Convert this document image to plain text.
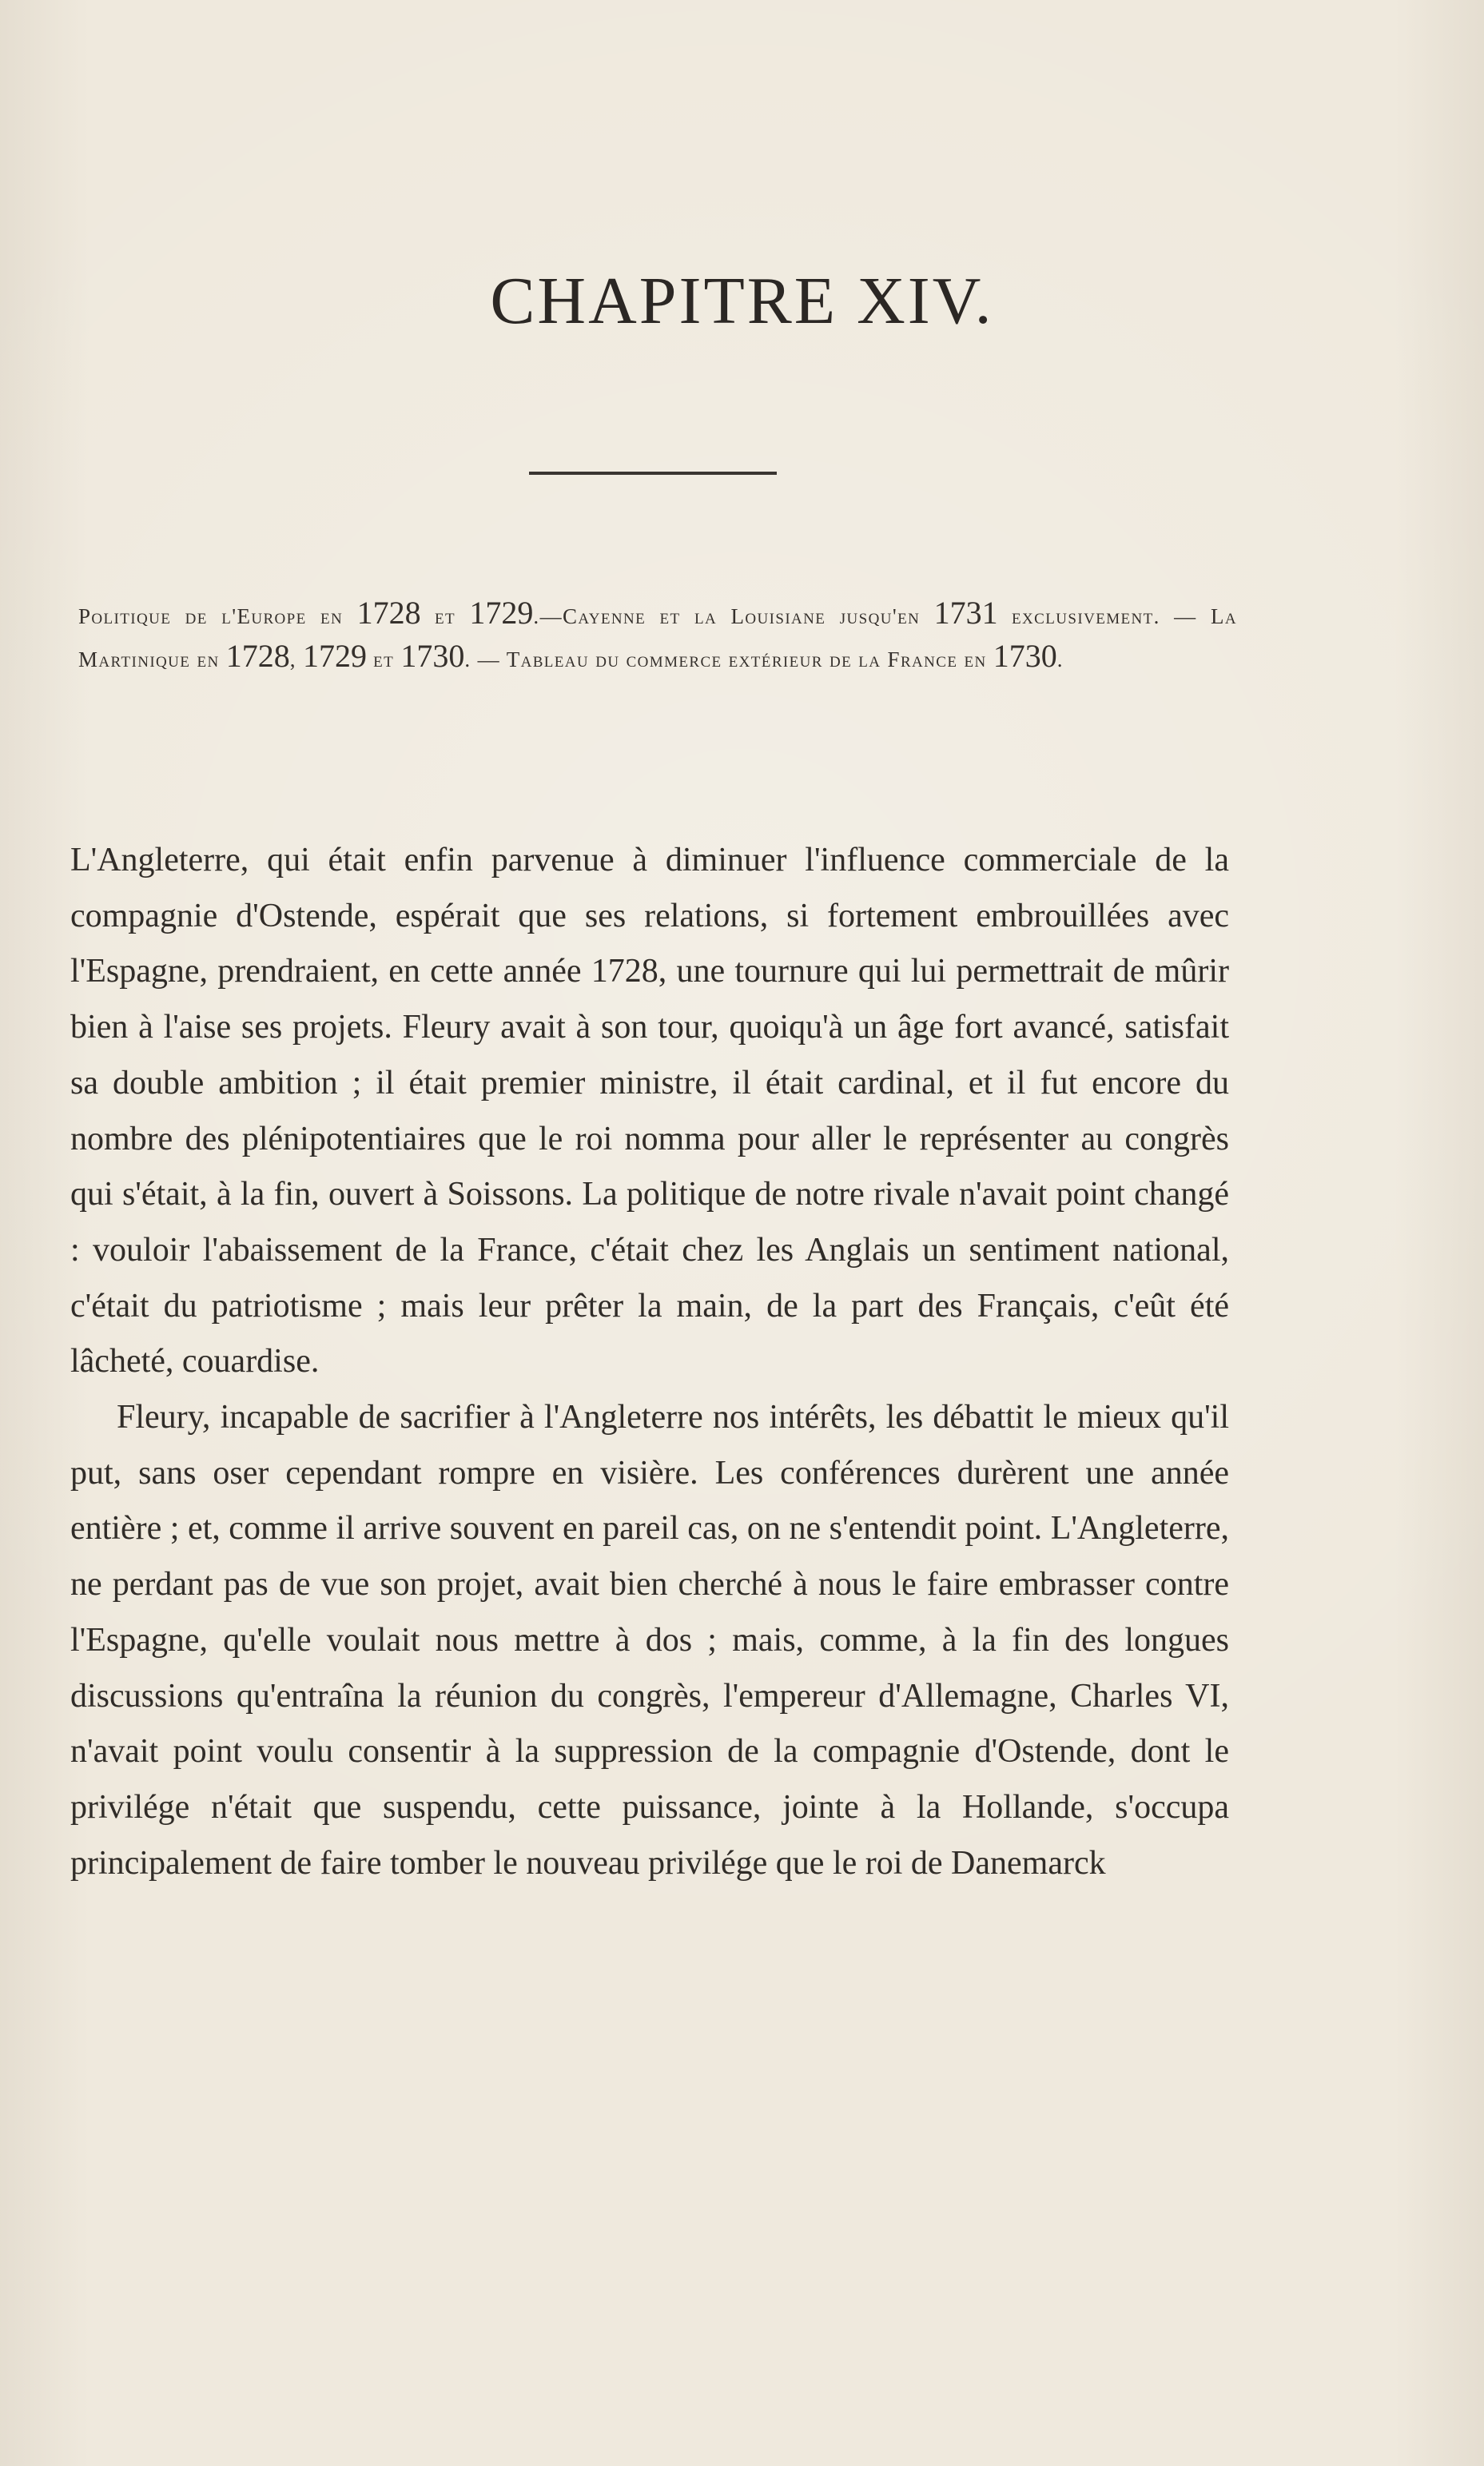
CHAPITRE XIV.

Politique de l'Europe en 1728 et 1729.—Cayenne et la Louisiane jusqu'en 1731 exclusivement. — La Martinique en 1728, 1729 et 1730. — Tableau du commerce extérieur de la France en 1730.

L'Angleterre, qui était enfin parvenue à diminuer l'influence commerciale de la compagnie d'Ostende, espérait que ses relations, si fortement embrouillées avec l'Espagne, prendraient, en cette année 1728, une tournure qui lui permettrait de mûrir bien à l'aise ses projets. Fleury avait à son tour, quoiqu'à un âge fort avancé, satisfait sa double ambition ; il était premier ministre, il était cardinal, et il fut encore du nombre des plénipotentiaires que le roi nomma pour aller le représenter au congrès qui s'était, à la fin, ouvert à Soissons. La politique de notre rivale n'avait point changé : vouloir l'abaissement de la France, c'était chez les Anglais un sentiment national, c'était du patriotisme ; mais leur prêter la main, de la part des Français, c'eût été lâcheté, couardise.

Fleury, incapable de sacrifier à l'Angleterre nos intérêts, les débattit le mieux qu'il put, sans oser cependant rompre en visière. Les conférences durèrent une année entière ; et, comme il arrive souvent en pareil cas, on ne s'entendit point. L'Angleterre, ne perdant pas de vue son projet, avait bien cherché à nous le faire embrasser contre l'Espagne, qu'elle voulait nous mettre à dos ; mais, comme, à la fin des longues discussions qu'entraîna la réunion du congrès, l'empereur d'Allemagne, Charles VI, n'avait point voulu consentir à la suppression de la compagnie d'Ostende, dont le privilége n'était que suspendu, cette puissance, jointe à la Hollande, s'occupa principalement de faire tomber le nouveau privilége que le roi de Danemarck
